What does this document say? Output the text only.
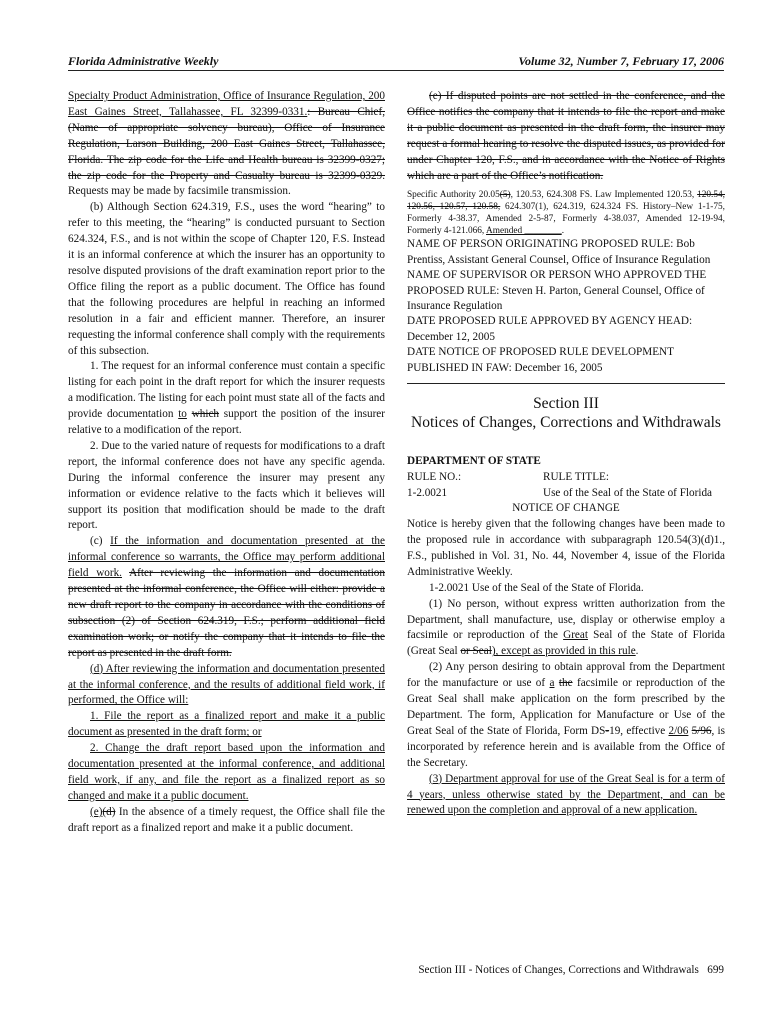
Florida Administrative Weekly	Volume 32, Number 7, February 17, 2006

Specialty Product Administration, Office of Insurance Regulation, 200 East Gaines Street, Tallahassee, FL 32399-0331.: Bureau Chief, (Name of appropriate solvency bureau), Office of Insurance Regulation, Larson Building, 200 East Gaines Street, Tallahassee, Florida. The zip code for the Life and Health bureau is 32399-0327; the zip code for the Property and Casualty bureau is 32399-0329. Requests may be made by facsimile transmission.

(b) Although Section 624.319, F.S., uses the word “hearing” to refer to this meeting, the “hearing” is conducted pursuant to Section 624.324, F.S., and is not within the scope of Chapter 120, F.S. Instead it is an informal conference at which the insurer has an opportunity to resolve disputed provisions of the draft examination report prior to the Office filing the report as a public document. The Office has found that the following procedures are helpful in reaching an informed resolution in a fair and efficient manner. Therefore, an insurer requesting the informal conference shall comply with the requirements of this subsection.

1. The request for an informal conference must contain a specific listing for each point in the draft report for which the insurer requests a modification. The listing for each point must state all of the facts and provide documentation to which support the position of the insurer relative to a modification of the report.

2. Due to the varied nature of requests for modifications to a draft report, the informal conference does not have any specific agenda. During the informal conference the insurer may present any information or evidence relative to the facts which it believes will support its position that modification should be made to the draft report.

(c) If the information and documentation presented at the informal conference so warrants, the Office may perform additional field work. After reviewing the information and documentation presented at the informal conference, the Office will either: provide a new draft report to the company in accordance with the conditions of subsection (2) of Section 624.319, F.S.; perform additional field examination work; or notify the company that it intends to file the report as presented in the draft form.

(d) After reviewing the information and documentation presented at the informal conference, and the results of additional field work, if performed, the Office will:

1. File the report as a finalized report and make it a public document as presented in the draft form; or

2. Change the draft report based upon the information and documentation presented at the informal conference, and additional field work, if any, and file the report as a finalized report as so changed and make it a public document.

(e)(d) In the absence of a timely request, the Office shall file the draft report as a finalized report and make it a public document.

(e) If disputed points are not settled in the conference, and the Office notifies the company that it intends to file the report and make it a public document as presented in the draft form, the insurer may request a formal hearing to resolve the disputed issues, as provided for under Chapter 120, F.S., and in accordance with the Notice of Rights which are a part of the Office’s notification.

Specific Authority 20.05(5), 120.53, 624.308 FS. Law Implemented 120.53, 120.54, 120.56, 120.57, 120.58, 624.307(1), 624.319, 624.324 FS. History–New 1-1-75, Formerly 4-38.37, Amended 2-5-87, Formerly 4-38.037, Amended 12-19-94, Formerly 4-121.066, Amended ________.

NAME OF PERSON ORIGINATING PROPOSED RULE: Bob Prentiss, Assistant General Counsel, Office of Insurance Regulation

NAME OF SUPERVISOR OR PERSON WHO APPROVED THE PROPOSED RULE: Steven H. Parton, General Counsel, Office of Insurance Regulation

DATE PROPOSED RULE APPROVED BY AGENCY HEAD: December 12, 2005

DATE NOTICE OF PROPOSED RULE DEVELOPMENT PUBLISHED IN FAW: December 16, 2005

Section III
Notices of Changes, Corrections and Withdrawals

DEPARTMENT OF STATE

RULE NO.:	RULE TITLE:
1-2.0021	Use of the Seal of the State of Florida

NOTICE OF CHANGE

Notice is hereby given that the following changes have been made to the proposed rule in accordance with subparagraph 120.54(3)(d)1., F.S., published in Vol. 31, No. 44, November 4, issue of the Florida Administrative Weekly.

1-2.0021 Use of the Seal of the State of Florida.

(1) No person, without express written authorization from the Department, shall manufacture, use, display or otherwise employ a facsimile or reproduction of the Great Seal of the State of Florida (Great Seal or Seal), except as provided in this rule.

(2) Any person desiring to obtain approval from the Department for the manufacture or use of a the facsimile or reproduction of the Great Seal shall make application on the form prescribed by the Department. The form, Application for Manufacture or Use of the Great Seal of the State of Florida, Form DS-19, effective 2/06 5/96, is incorporated by reference herein and is available from the Office of the Secretary.

(3) Department approval for use of the Great Seal is for a term of 4 years, unless otherwise stated by the Department, and can be renewed upon the completion and approval of a new application.

Section III - Notices of Changes, Corrections and Withdrawals 699
